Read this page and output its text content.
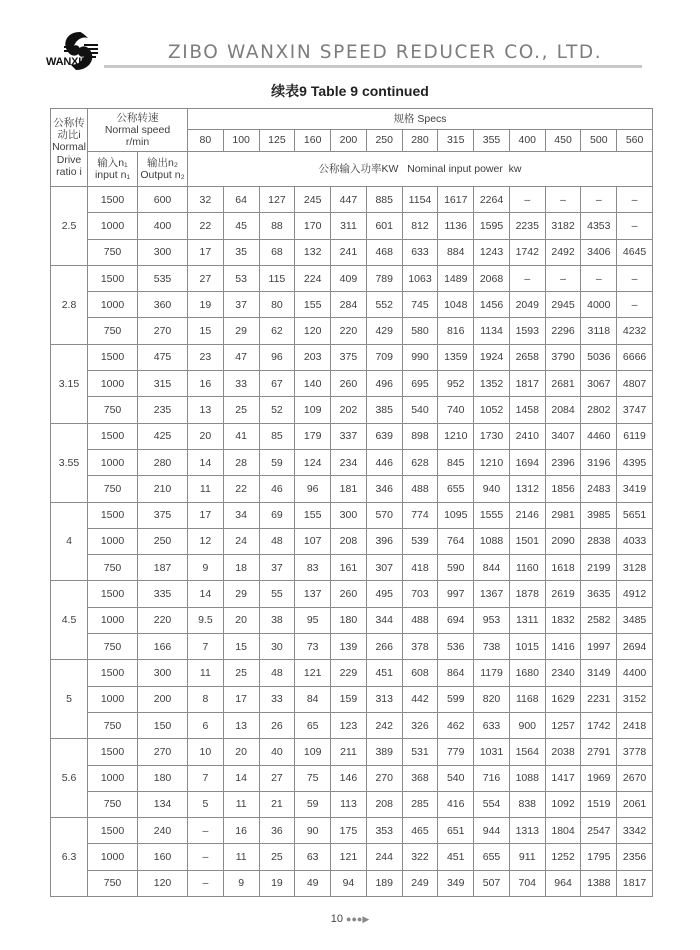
WANXIN	ZIBO WANXIN SPEED REDUCER CO., LTD.
续表9 Table 9 continued
公称传
动比i
Normal
Drive
ratio i	公称转速
Normal speed
r/min		规格 Specs												
			80	100	125	160	200	250	280	315	355	400	450	500	560
	输入n₁
input n₁	输出n₂
Output n₂	公称输入功率KW   Nominal input power  kw												
2.5	1500	600	32	64	127	245	447	885	1154	1617	2264	–	–	–	–
	1000	400	22	45	88	170	311	601	812	1136	1595	2235	3182	4353	–
	750	300	17	35	68	132	241	468	633	884	1243	1742	2492	3406	4645
2.8	1500	535	27	53	115	224	409	789	1063	1489	2068	–	–	–	–
	1000	360	19	37	80	155	284	552	745	1048	1456	2049	2945	4000	–
	750	270	15	29	62	120	220	429	580	816	1134	1593	2296	3118	4232
3.15	1500	475	23	47	96	203	375	709	990	1359	1924	2658	3790	5036	6666
	1000	315	16	33	67	140	260	496	695	952	1352	1817	2681	3067	4807
	750	235	13	25	52	109	202	385	540	740	1052	1458	2084	2802	3747
3.55	1500	425	20	41	85	179	337	639	898	1210	1730	2410	3407	4460	6119
	1000	280	14	28	59	124	234	446	628	845	1210	1694	2396	3196	4395
	750	210	11	22	46	96	181	346	488	655	940	1312	1856	2483	3419
4	1500	375	17	34	69	155	300	570	774	1095	1555	2146	2981	3985	5651
	1000	250	12	24	48	107	208	396	539	764	1088	1501	2090	2838	4033
	750	187	9	18	37	83	161	307	418	590	844	1160	1618	2199	3128
4.5	1500	335	14	29	55	137	260	495	703	997	1367	1878	2619	3635	4912
	1000	220	9.5	20	38	95	180	344	488	694	953	1311	1832	2582	3485
	750	166	7	15	30	73	139	266	378	536	738	1015	1416	1997	2694
5	1500	300	11	25	48	121	229	451	608	864	1179	1680	2340	3149	4400
	1000	200	8	17	33	84	159	313	442	599	820	1168	1629	2231	3152
	750	150	6	13	26	65	123	242	326	462	633	900	1257	1742	2418
5.6	1500	270	10	20	40	109	211	389	531	779	1031	1564	2038	2791	3778
	1000	180	7	14	27	75	146	270	368	540	716	1088	1417	1969	2670
	750	134	5	11	21	59	113	208	285	416	554	838	1092	1519	2061
6.3	1500	240	–	16	36	90	175	353	465	651	944	1313	1804	2547	3342
	1000	160	–	11	25	63	121	244	322	451	655	911	1252	1795	2356
	750	120	–	9	19	49	94	189	249	349	507	704	964	1388	1817
10 ●●●▶
